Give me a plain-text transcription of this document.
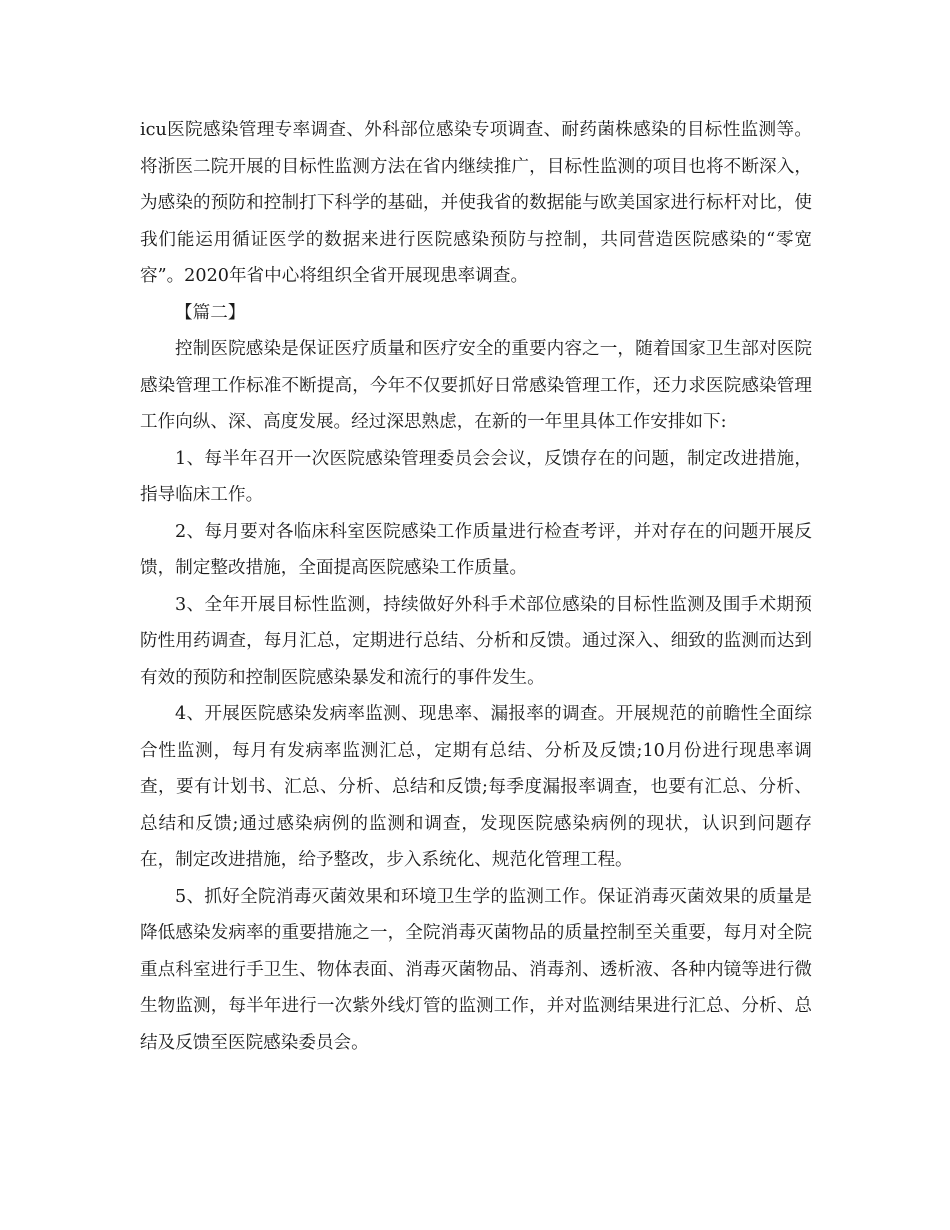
icu医院感染管理专率调查、外科部位感染专项调查、耐药菌株感染的目标性监测等。将浙医二院开展的目标性监测方法在省内继续推广，目标性监测的项目也将不断深入，为感染的预防和控制打下科学的基础，并使我省的数据能与欧美国家进行标杆对比，使我们能运用循证医学的数据来进行医院感染预防与控制，共同营造医院感染的“零宽容”。2020年省中心将组织全省开展现患率调查。

【篇二】

控制医院感染是保证医疗质量和医疗安全的重要内容之一，随着国家卫生部对医院感染管理工作标准不断提高，今年不仅要抓好日常感染管理工作，还力求医院感染管理工作向纵、深、高度发展。经过深思熟虑，在新的一年里具体工作安排如下:

1、每半年召开一次医院感染管理委员会会议，反馈存在的问题，制定改进措施，指导临床工作。

2、每月要对各临床科室医院感染工作质量进行检查考评，并对存在的问题开展反馈，制定整改措施，全面提高医院感染工作质量。

3、全年开展目标性监测，持续做好外科手术部位感染的目标性监测及围手术期预防性用药调查，每月汇总，定期进行总结、分析和反馈。通过深入、细致的监测而达到有效的预防和控制医院感染暴发和流行的事件发生。

4、开展医院感染发病率监测、现患率、漏报率的调查。开展规范的前瞻性全面综合性监测，每月有发病率监测汇总，定期有总结、分析及反馈;10月份进行现患率调查，要有计划书、汇总、分析、总结和反馈;每季度漏报率调查，也要有汇总、分析、总结和反馈;通过感染病例的监测和调查，发现医院感染病例的现状，认识到问题存在，制定改进措施，给予整改，步入系统化、规范化管理工程。

5、抓好全院消毒灭菌效果和环境卫生学的监测工作。保证消毒灭菌效果的质量是降低感染发病率的重要措施之一，全院消毒灭菌物品的质量控制至关重要，每月对全院重点科室进行手卫生、物体表面、消毒灭菌物品、消毒剂、透析液、各种内镜等进行微生物监测，每半年进行一次紫外线灯管的监测工作，并对监测结果进行汇总、分析、总结及反馈至医院感染委员会。
